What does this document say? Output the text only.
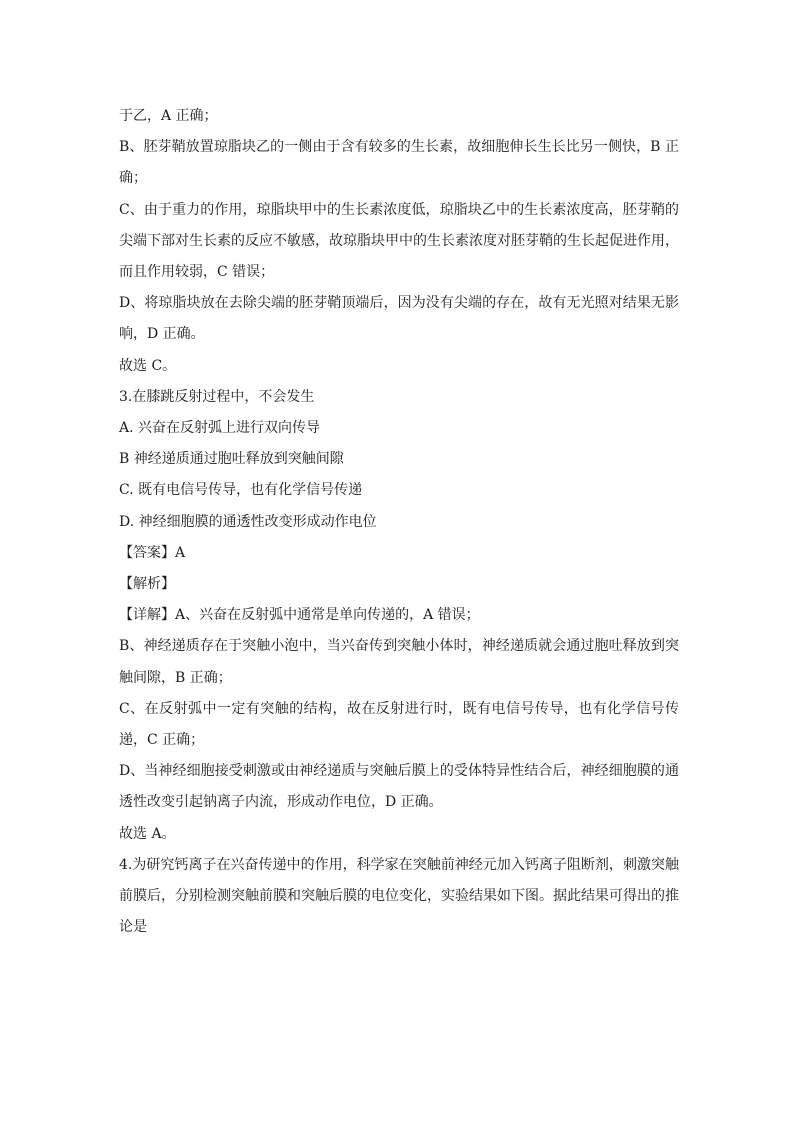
于乙，A 正确；

B、胚芽鞘放置琼脂块乙的一侧由于含有较多的生长素，故细胞伸长生长比另一侧快，B 正确；

C、由于重力的作用，琼脂块甲中的生长素浓度低，琼脂块乙中的生长素浓度高，胚芽鞘的尖端下部对生长素的反应不敏感，故琼脂块甲中的生长素浓度对胚芽鞘的生长起促进作用，而且作用较弱，C 错误；

D、将琼脂块放在去除尖端的胚芽鞘顶端后，因为没有尖端的存在，故有无光照对结果无影响，D 正确。

故选 C。

3.在膝跳反射过程中，不会发生

A. 兴奋在反射弧上进行双向传导

B 神经递质通过胞吐释放到突触间隙

C. 既有电信号传导，也有化学信号传递

D. 神经细胞膜的通透性改变形成动作电位

【答案】A

【解析】

【详解】A、兴奋在反射弧中通常是单向传递的，A 错误；

B、神经递质存在于突触小泡中，当兴奋传到突触小体时，神经递质就会通过胞吐释放到突触间隙，B 正确；

C、在反射弧中一定有突触的结构，故在反射进行时，既有电信号传导，也有化学信号传递，C 正确；

D、当神经细胞接受刺激或由神经递质与突触后膜上的受体特异性结合后，神经细胞膜的通透性改变引起钠离子内流，形成动作电位，D 正确。

故选 A。

4.为研究钙离子在兴奋传递中的作用，科学家在突触前神经元加入钙离子阻断剂，刺激突触前膜后，分别检测突触前膜和突触后膜的电位变化，实验结果如下图。据此结果可得出的推论是
